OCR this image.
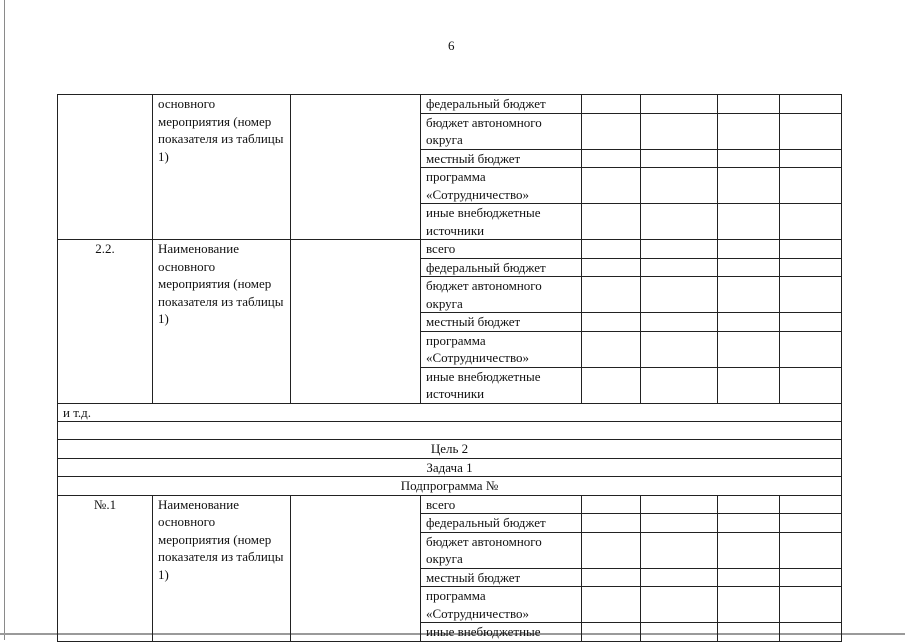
6
	основного мероприятия (номер показателя из таблицы 1)		федеральный бюджет				
			бюджет автономного округа				
			местный бюджет				
			программа «Сотрудничество»				
			иные внебюджетные источники				
2.2.	Наименование основного мероприятия (номер показателя из таблицы 1)		всего				
			федеральный бюджет				
			бюджет автономного округа				
			местный бюджет				
			программа «Сотрудничество»				
			иные внебюджетные источники				
и т.д.							

Цель 2							
Задача 1							
Подпрограмма №							
№.1	Наименование основного мероприятия (номер показателя из таблицы 1)		всего				
			федеральный бюджет				
			бюджет автономного округа				
			местный бюджет				
			программа «Сотрудничество»				
			иные внебюджетные				
